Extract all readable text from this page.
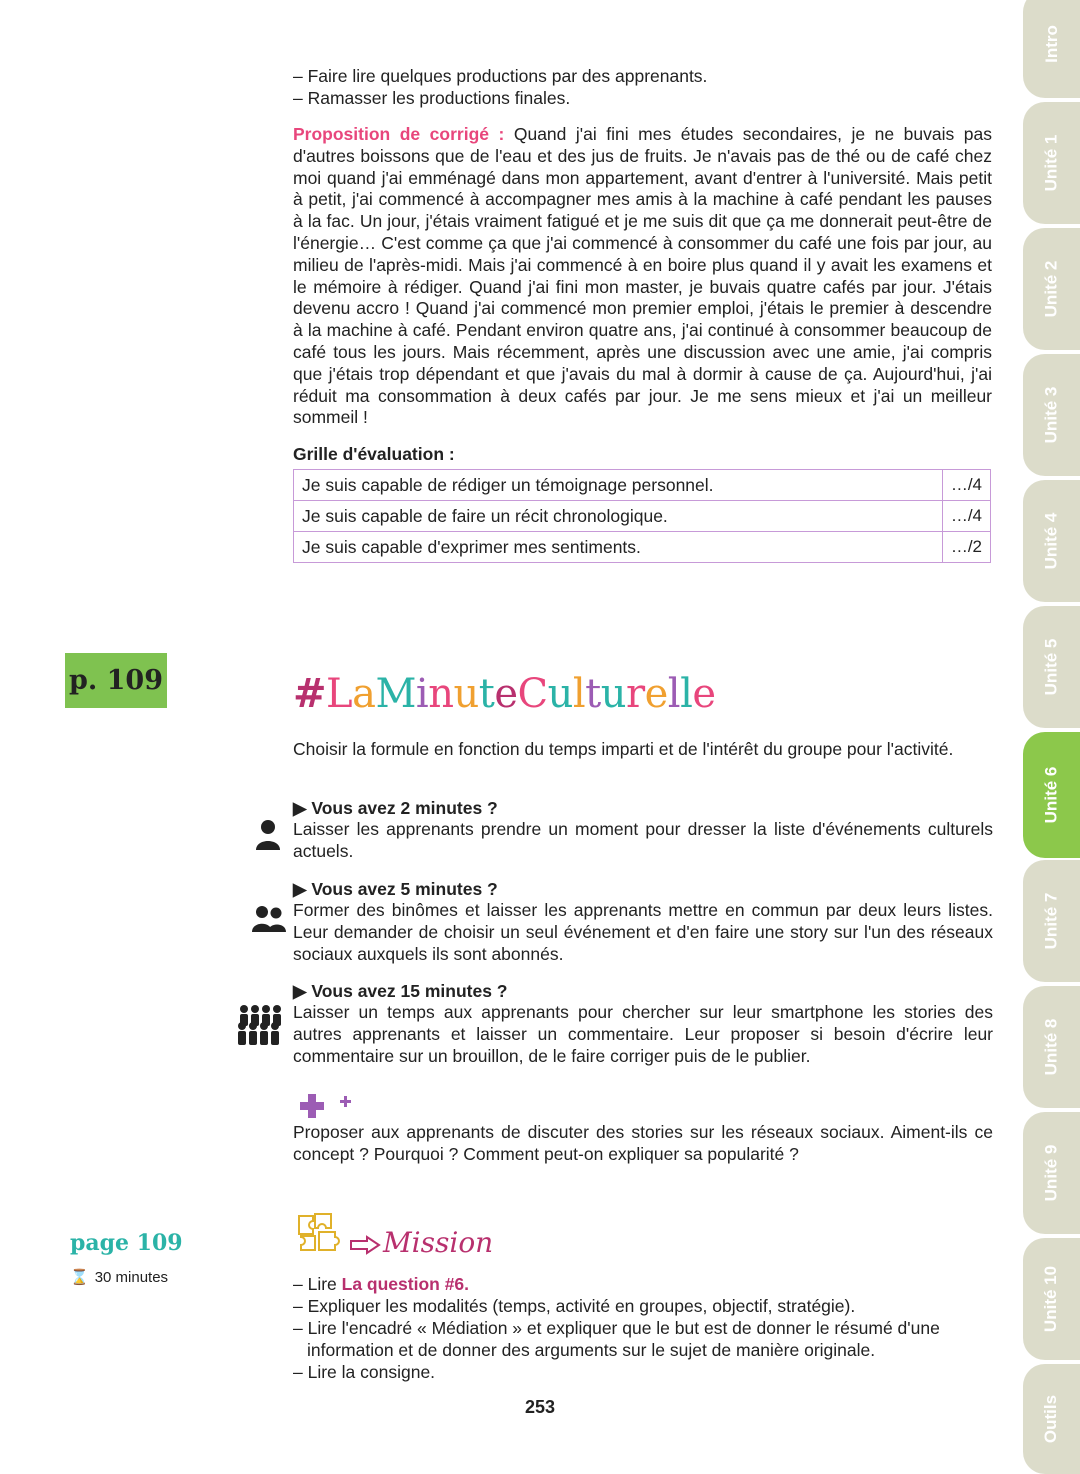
Intro
Unité 1
Unité 2
Unité 3
Unité 4
Unité 5
Unité 6
Unité 7
Unité 8
Unité 9
Unité 10
Outils
– Faire lire quelques productions par des apprenants.
– Ramasser les productions finales.
Proposition de corrigé : Quand j'ai fini mes études secondaires, je ne buvais pas d'autres boissons que de l'eau et des jus de fruits. Je n'avais pas de thé ou de café chez moi quand j'ai emménagé dans mon appartement, avant d'entrer à l'université. Mais petit à petit, j'ai commencé à accompagner mes amis à la machine à café pendant les pauses à la fac. Un jour, j'étais vraiment fatigué et je me suis dit que ça me donnerait peut-être de l'énergie… C'est comme ça que j'ai commencé à consommer du café une fois par jour, au milieu de l'après-midi. Mais j'ai commencé à en boire plus quand il y avait les examens et le mémoire à rédiger. Quand j'ai fini mon master, je buvais quatre cafés par jour. J'étais devenu accro ! Quand j'ai commencé mon premier emploi, j'étais le premier à descendre à la machine à café. Pendant environ quatre ans, j'ai continué à consommer beaucoup de café tous les jours. Mais récemment, après une discussion avec une amie, j'ai compris que j'étais trop dépendant et que j'avais du mal à dormir à cause de ça. Aujourd'hui, j'ai réduit ma consommation à deux cafés par jour. Je me sens mieux et j'ai un meilleur sommeil !
Grille d'évaluation :
Je suis capable de rédiger un témoignage personnel.	…/4
Je suis capable de faire un récit chronologique.	…/4
Je suis capable d'exprimer mes sentiments.	…/2
p. 109	#LaMinuteCulturelle
Choisir la formule en fonction du temps imparti et de l'intérêt du groupe pour l'activité.
▶ Vous avez 2 minutes ?
Laisser les apprenants prendre un moment pour dresser la liste d'événements culturels actuels.
▶ Vous avez 5 minutes ?
Former des binômes et laisser les apprenants mettre en commun par deux leurs listes. Leur demander de choisir un seul événement et d'en faire une story sur l'un des réseaux sociaux auxquels ils sont abonnés.
▶ Vous avez 15 minutes ?
Laisser un temps aux apprenants pour chercher sur leur smartphone les stories des autres apprenants et laisser un commentaire. Leur proposer si besoin d'écrire leur commentaire sur un brouillon, de le faire corriger puis de le publier.
Proposer aux apprenants de discuter des stories sur les réseaux sociaux. Aiment-ils ce concept ? Pourquoi ? Comment peut-on expliquer sa popularité ?
page 109
⌛ 30 minutes
Mission
– Lire La question #6.
– Expliquer les modalités (temps, activité en groupes, objectif, stratégie).
– Lire l'encadré « Médiation » et expliquer que le but est de donner le résumé d'une
information et de donner des arguments sur le sujet de manière originale.
– Lire la consigne.
253
